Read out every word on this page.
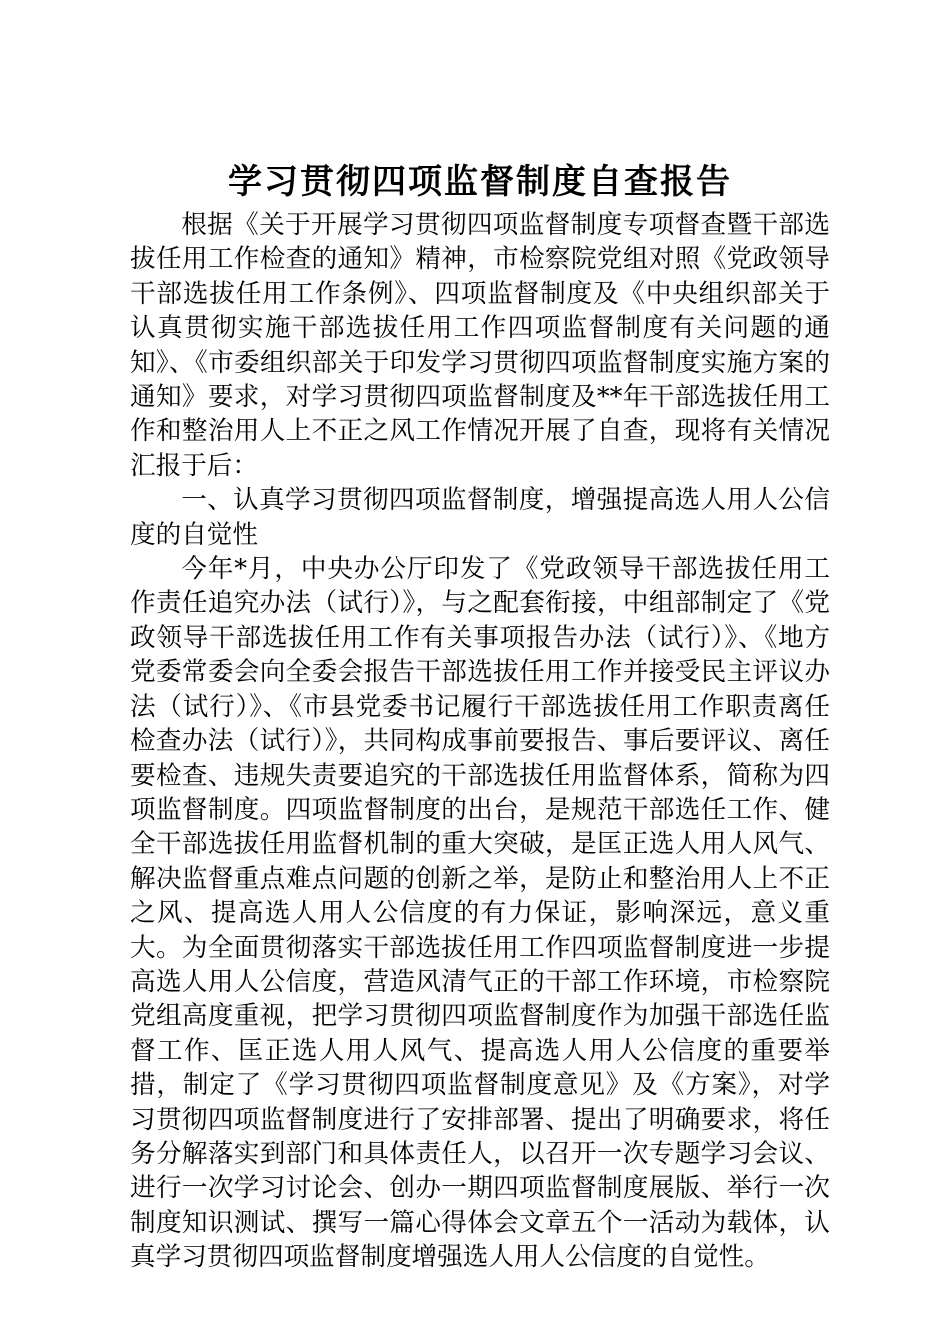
学习贯彻四项监督制度自查报告

根据《关于开展学习贯彻四项监督制度专项督查暨干部选拔任用工作检查的通知》精神，市检察院党组对照《党政领导干部选拔任用工作条例》、四项监督制度及《中央组织部关于认真贯彻实施干部选拔任用工作四项监督制度有关问题的通知》、《市委组织部关于印发学习贯彻四项监督制度实施方案的通知》要求，对学习贯彻四项监督制度及**年干部选拔任用工作和整治用人上不正之风工作情况开展了自查，现将有关情况汇报于后：

一、认真学习贯彻四项监督制度，增强提高选人用人公信度的自觉性

今年*月，中央办公厅印发了《党政领导干部选拔任用工作责任追究办法（试行）》，与之配套衔接，中组部制定了《党政领导干部选拔任用工作有关事项报告办法（试行）》、《地方党委常委会向全委会报告干部选拔任用工作并接受民主评议办法（试行）》、《市县党委书记履行干部选拔任用工作职责离任检查办法（试行）》，共同构成事前要报告、事后要评议、离任要检查、违规失责要追究的干部选拔任用监督体系，简称为四项监督制度。四项监督制度的出台，是规范干部选任工作、健全干部选拔任用监督机制的重大突破，是匡正选人用人风气、解决监督重点难点问题的创新之举，是防止和整治用人上不正之风、提高选人用人公信度的有力保证，影响深远，意义重大。为全面贯彻落实干部选拔任用工作四项监督制度进一步提高选人用人公信度，营造风清气正的干部工作环境，市检察院党组高度重视，把学习贯彻四项监督制度作为加强干部选任监督工作、匡正选人用人风气、提高选人用人公信度的重要举措，制定了《学习贯彻四项监督制度意见》及《方案》，对学习贯彻四项监督制度进行了安排部署、提出了明确要求，将任务分解落实到部门和具体责任人，以召开一次专题学习会议、进行一次学习讨论会、创办一期四项监督制度展版、举行一次制度知识测试、撰写一篇心得体会文章五个一活动为载体，认真学习贯彻四项监督制度增强选人用人公信度的自觉性。
